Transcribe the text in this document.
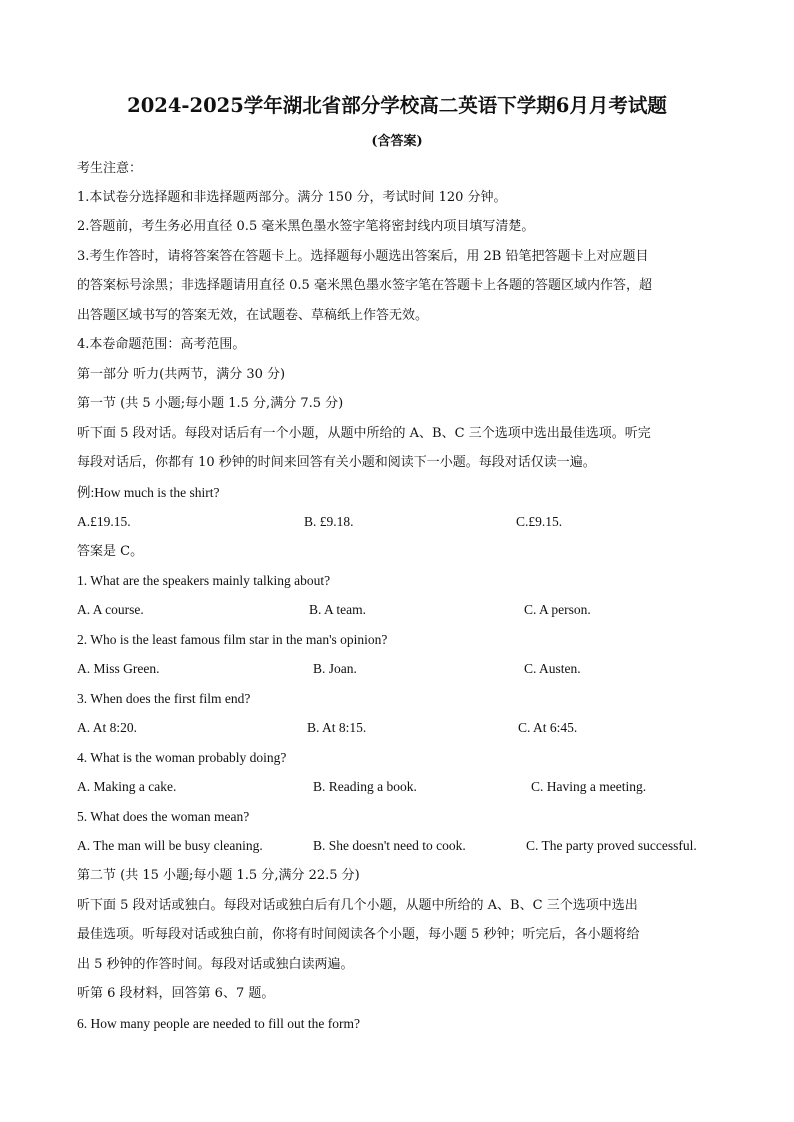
2024-2025学年湖北省部分学校高二英语下学期6月月考试题
(含答案)
考生注意：
1.本试卷分选择题和非选择题两部分。满分 150 分，考试时间 120 分钟。
2.答题前，考生务必用直径 0.5 毫米黑色墨水签字笔将密封线内项目填写清楚。
3.考生作答时，请将答案答在答题卡上。选择题每小题选出答案后，用 2B 铅笔把答题卡上对应题目
的答案标号涂黑；非选择题请用直径 0.5 毫米黑色墨水签字笔在答题卡上各题的答题区域内作答，超
出答题区域书写的答案无效，在试题卷、草稿纸上作答无效。
4.本卷命题范围：高考范围。
第一部分 听力(共两节，满分 30 分)
第一节 (共 5 小题;每小题 1.5 分,满分 7.5 分)
听下面 5 段对话。每段对话后有一个小题，从题中所给的 A、B、C 三个选项中选出最佳选项。听完
每段对话后，你都有 10 秒钟的时间来回答有关小题和阅读下一小题。每段对话仅读一遍。
例:How much is the shirt?
A.£19.15.	B. £9.18.	C.£9.15.
答案是 C。
1. What are the speakers mainly talking about?
A. A course.	B. A team.	C. A person.
2. Who is the least famous film star in the man's opinion?
A. Miss Green.	B. Joan.	C. Austen.
3. When does the first film end?
A. At 8:20.	B. At 8:15.	C. At 6:45.
4. What is the woman probably doing?
A. Making a cake.	B. Reading a book.	C. Having a meeting.
5. What does the woman mean?
A. The man will be busy cleaning.	B. She doesn't need to cook.	C. The party proved successful.
第二节 (共 15 小题;每小题 1.5 分,满分 22.5 分)
听下面 5 段对话或独白。每段对话或独白后有几个小题，从题中所给的 A、B、C 三个选项中选出
最佳选项。听每段对话或独白前，你将有时间阅读各个小题，每小题 5 秒钟；听完后，各小题将给
出 5 秒钟的作答时间。每段对话或独白读两遍。
听第 6 段材料，回答第 6、7 题。
6. How many people are needed to fill out the form?
